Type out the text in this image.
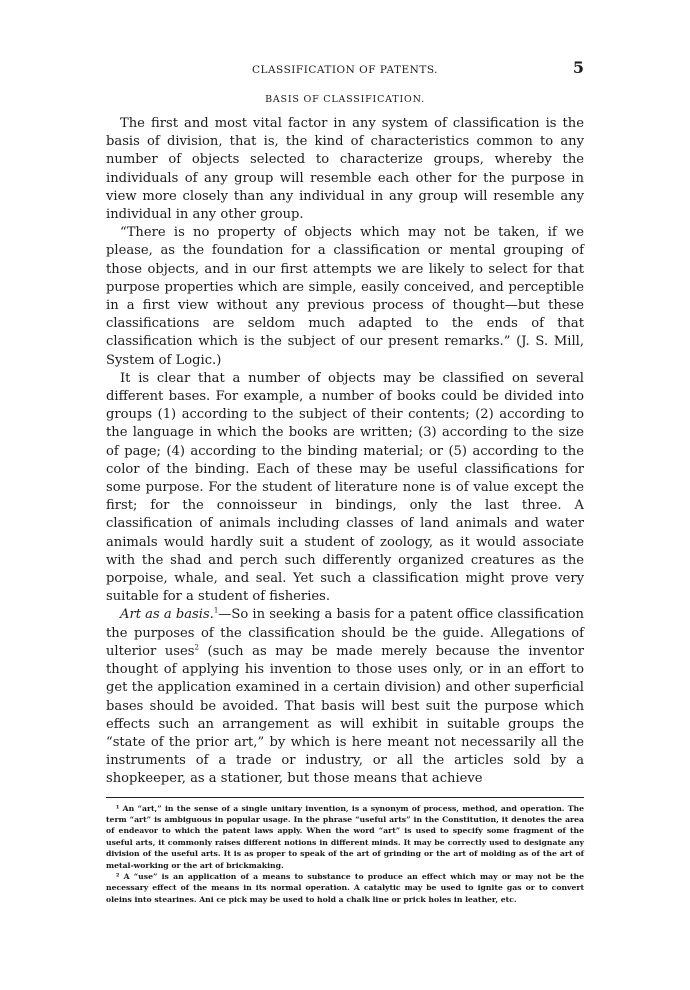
CLASSIFICATION OF PATENTS.	5
BASIS OF CLASSIFICATION.

The first and most vital factor in any system of classification is the basis of division, that is, the kind of characteristics common to any number of objects selected to characterize groups, whereby the individuals of any group will resemble each other for the purpose in view more closely than any individual in any group will resemble any individual in any other group.

“There is no property of objects which may not be taken, if we please, as the foundation for a classification or mental grouping of those objects, and in our first attempts we are likely to select for that purpose properties which are simple, easily conceived, and perceptible in a first view without any previous process of thought—but these classifications are seldom much adapted to the ends of that classification which is the subject of our present remarks.” (J. S. Mill, System of Logic.)

It is clear that a number of objects may be classified on several different bases. For example, a number of books could be divided into groups (1) according to the subject of their contents; (2) according to the language in which the books are written; (3) according to the size of page; (4) according to the binding material; or (5) according to the color of the binding. Each of these may be useful classifications for some purpose. For the student of literature none is of value except the first; for the connoisseur in bindings, only the last three. A classification of animals including classes of land animals and water animals would hardly suit a student of zoology, as it would associate with the shad and perch such differently organized creatures as the porpoise, whale, and seal. Yet such a classification might prove very suitable for a student of fisheries.

Art as a basis.$^1$—So in seeking a basis for a patent office classification the purposes of the classification should be the guide. Allegations of ulterior uses$^2$ (such as may be made merely because the inventor thought of applying his invention to those uses only, or in an effort to get the application examined in a certain division) and other superficial bases should be avoided. That basis will best suit the purpose which effects such an arrangement as will exhibit in suitable groups the “state of the prior art,” by which is here meant not necessarily all the instruments of a trade or industry, or all the articles sold by a shopkeeper, as a stationer, but those means that achieve

¹ An “art,” in the sense of a single unitary invention, is a synonym of process, method, and operation. The term “art” is ambiguous in popular usage. In the phrase “useful arts” in the Constitution, it denotes the area of endeavor to which the patent laws apply. When the word “art” is used to specify some fragment of the useful arts, it commonly raises different notions in different minds. It may be correctly used to designate any division of the useful arts. It is as proper to speak of the art of grinding or the art of molding as of the art of metal-working or the art of brickmaking.

² A “use” is an application of a means to substance to produce an effect which may or may not be the necessary effect of the means in its normal operation. A catalytic may be used to ignite gas or to convert oleins into stearines. Ani ce pick may be used to hold a chalk line or prick holes in leather, etc.
